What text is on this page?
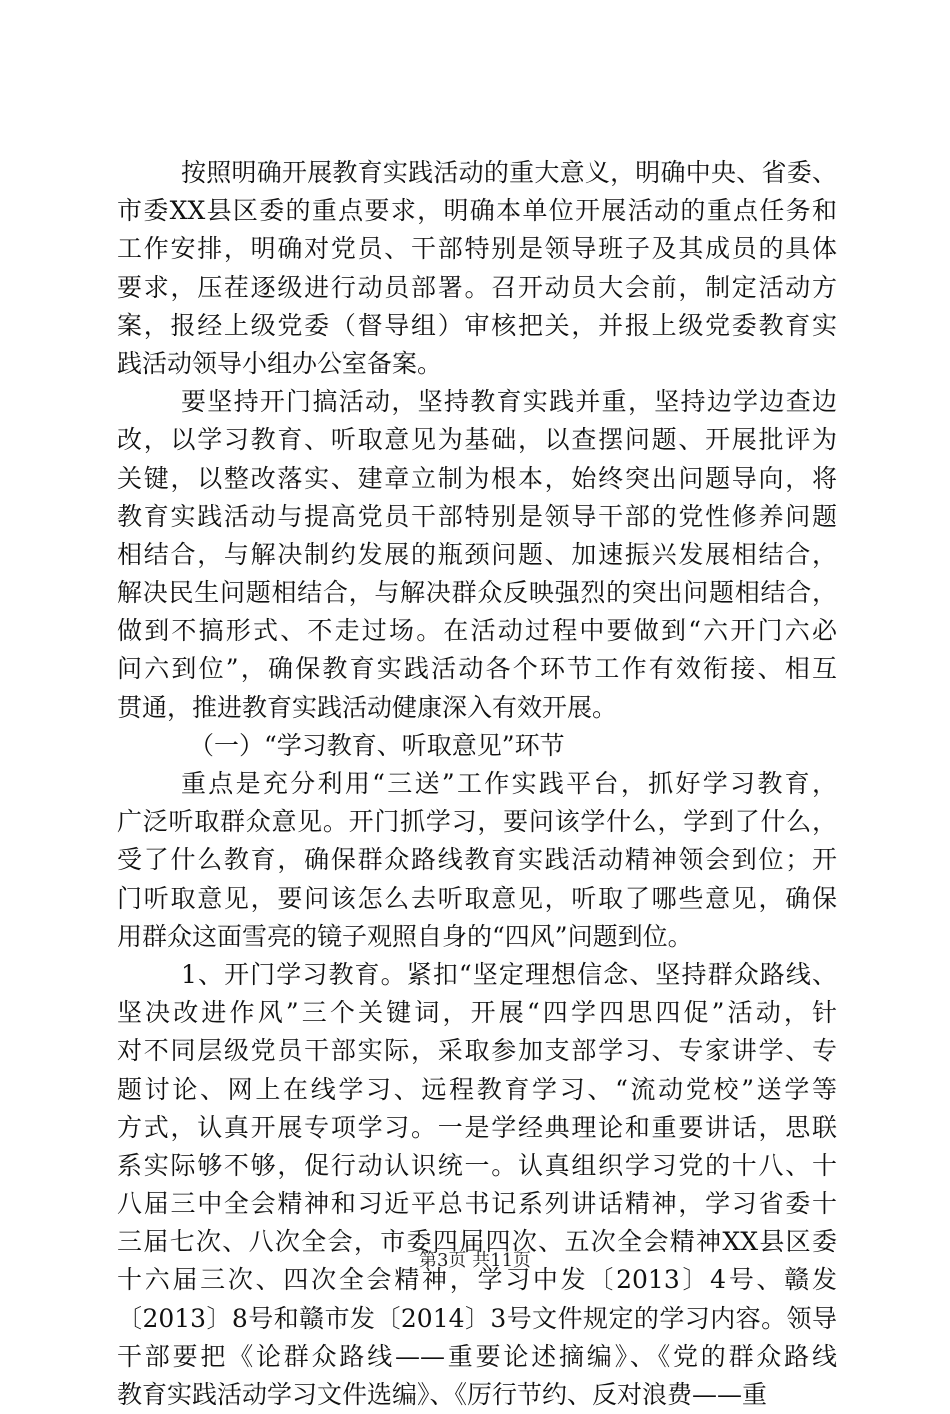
按照明确开展教育实践活动的重大意义，明确中央、省委、
市委XX县区委的重点要求，明确本单位开展活动的重点任务和
工作安排，明确对党员、干部特别是领导班子及其成员的具体
要求，压茬逐级进行动员部署。召开动员大会前，制定活动方
案，报经上级党委（督导组）审核把关，并报上级党委教育实
践活动领导小组办公室备案。
要坚持开门搞活动，坚持教育实践并重，坚持边学边查边
改，以学习教育、听取意见为基础，以查摆问题、开展批评为
关键，以整改落实、建章立制为根本，始终突出问题导向，将
教育实践活动与提高党员干部特别是领导干部的党性修养问题
相结合，与解决制约发展的瓶颈问题、加速振兴发展相结合，
解决民生问题相结合，与解决群众反映强烈的突出问题相结合，
做到不搞形式、不走过场。在活动过程中要做到“六开门六必
问六到位”，确保教育实践活动各个环节工作有效衔接、相互
贯通，推进教育实践活动健康深入有效开展。
（一）“学习教育、听取意见”环节
重点是充分利用“三送”工作实践平台，抓好学习教育，
广泛听取群众意见。开门抓学习，要问该学什么，学到了什么，
受了什么教育，确保群众路线教育实践活动精神领会到位；开
门听取意见，要问该怎么去听取意见，听取了哪些意见，确保
用群众这面雪亮的镜子观照自身的“四风”问题到位。
1、开门学习教育。紧扣“坚定理想信念、坚持群众路线、
坚决改进作风”三个关键词，开展“四学四思四促”活动，针
对不同层级党员干部实际，采取参加支部学习、专家讲学、专
题讨论、网上在线学习、远程教育学习、“流动党校”送学等
方式，认真开展专项学习。一是学经典理论和重要讲话，思联
系实际够不够，促行动认识统一。认真组织学习党的十八、十
八届三中全会精神和习近平总书记系列讲话精神，学习省委十
三届七次、八次全会，市委四届四次、五次全会精神XX县区委
十六届三次、四次全会精神，学习中发〔2013〕4号、赣发
〔2013〕8号和赣市发〔2014〕3号文件规定的学习内容。领导
干部要把《论群众路线——重要论述摘编》、《党的群众路线
教育实践活动学习文件选编》、《厉行节约、反对浪费——重
第3页 共11页
